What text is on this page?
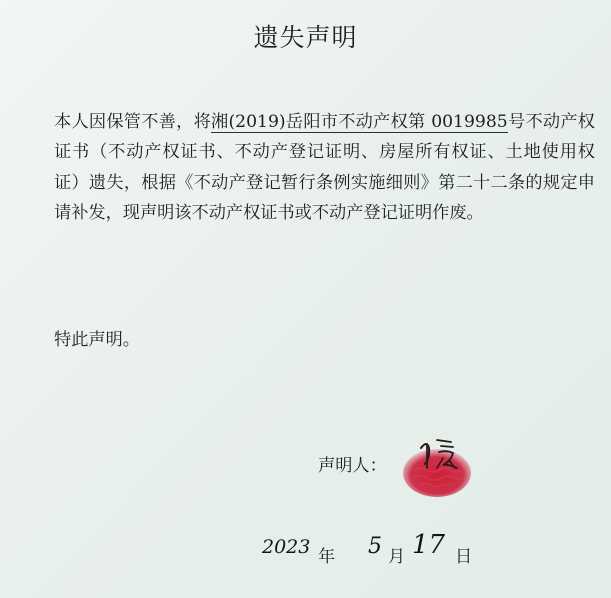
遗失声明

本人因保管不善，将湘(2019)岳阳市不动产权第 0019985号不动产权证书（不动产权证书、不动产登记证明、房屋所有权证、土地使用权证）遗失，根据《不动产登记暂行条例实施细则》第二十二条的规定申请补发，现声明该不动产权证书或不动产登记证明作废。

特此声明。
声明人：
2023 年 5 月 17 日
